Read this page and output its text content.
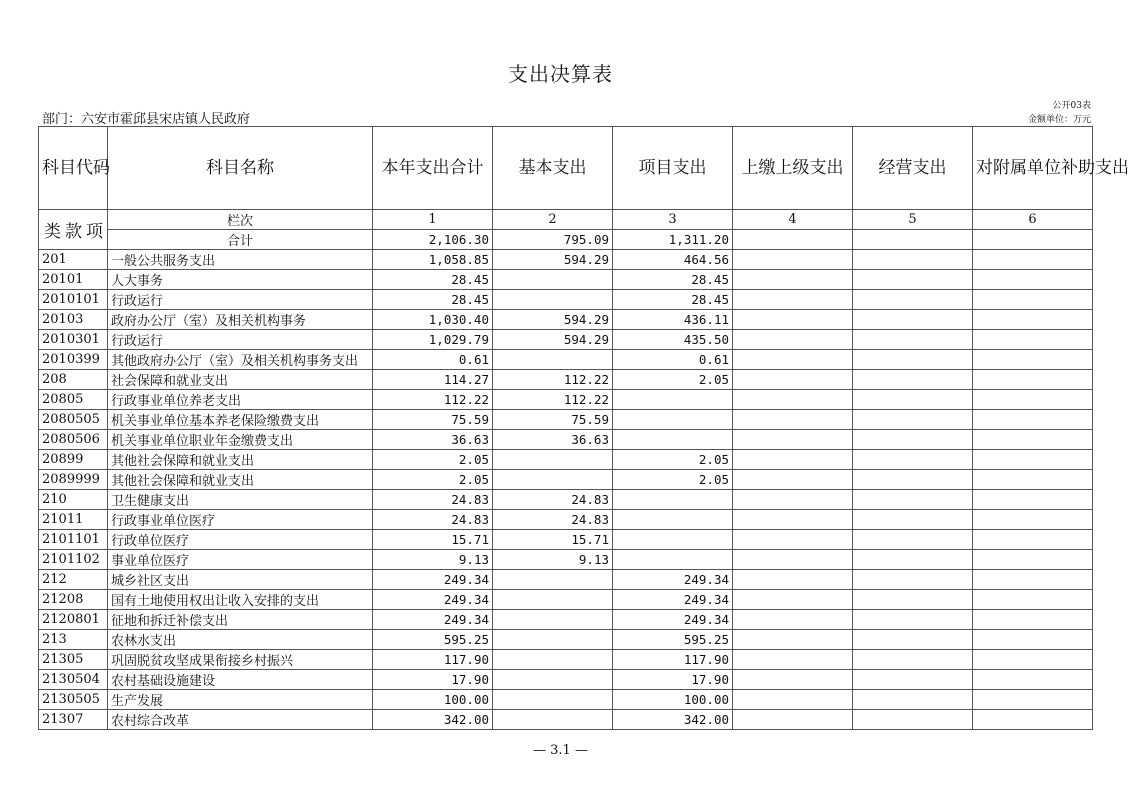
支出决算表
部门：六安市霍邱县宋店镇人民政府
公开03表
金额单位：万元
科目代码	科目名称	本年支出合计	基本支出	项目支出	上缴上级支出	经营支出	对附属单位补助支出
类 款 项	栏次	1	2	3	4	5	6
	合计	2,106.30	795.09	1,311.20			
201	一般公共服务支出	1,058.85	594.29	464.56			
20101	人大事务	28.45		28.45			
2010101	行政运行	28.45		28.45			
20103	政府办公厅（室）及相关机构事务	1,030.40	594.29	436.11			
2010301	行政运行	1,029.79	594.29	435.50			
2010399	其他政府办公厅（室）及相关机构事务支出	0.61		0.61			
208	社会保障和就业支出	114.27	112.22	2.05			
20805	行政事业单位养老支出	112.22	112.22				
2080505	机关事业单位基本养老保险缴费支出	75.59	75.59				
2080506	机关事业单位职业年金缴费支出	36.63	36.63				
20899	其他社会保障和就业支出	2.05		2.05			
2089999	其他社会保障和就业支出	2.05		2.05			
210	卫生健康支出	24.83	24.83				
21011	行政事业单位医疗	24.83	24.83				
2101101	行政单位医疗	15.71	15.71				
2101102	事业单位医疗	9.13	9.13				
212	城乡社区支出	249.34		249.34			
21208	国有土地使用权出让收入安排的支出	249.34		249.34			
2120801	征地和拆迁补偿支出	249.34		249.34			
213	农林水支出	595.25		595.25			
21305	巩固脱贫攻坚成果衔接乡村振兴	117.90		117.90			
2130504	农村基础设施建设	17.90		17.90			
2130505	生产发展	100.00		100.00			
21307	农村综合改革	342.00		342.00			
— 3.1 —
